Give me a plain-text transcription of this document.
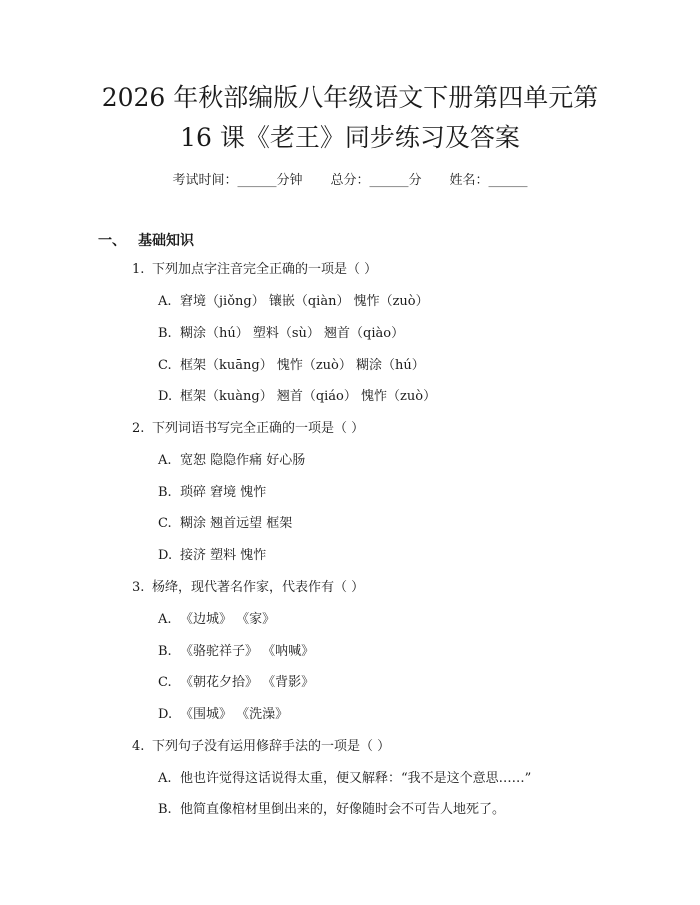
2026 年秋部编版八年级语文下册第四单元第
16 课《老王》同步练习及答案
考试时间：______分钟 总分：______分 姓名：______
一、 基础知识
1. 下列加点字注音完全正确的一项是（ ）
A. 窘境（jiǒng） 镶嵌（qiàn） 愧怍（zuò）
B. 糊涂（hú） 塑料（sù） 翘首（qiào）
C. 框架（kuāng） 愧怍（zuò） 糊涂（hú）
D. 框架（kuàng） 翘首（qiáo） 愧怍（zuò）
2. 下列词语书写完全正确的一项是（ ）
A. 宽恕 隐隐作痛 好心肠
B. 琐碎 窘境 愧怍
C. 糊涂 翘首远望 框架
D. 接济 塑料 愧怍
3. 杨绛，现代著名作家，代表作有（ ）
A. 《边城》 《家》
B. 《骆驼祥子》 《呐喊》
C. 《朝花夕拾》 《背影》
D. 《围城》 《洗澡》
4. 下列句子没有运用修辞手法的一项是（ ）
A. 他也许觉得这话说得太重，便又解释：“我不是这个意思……”
B. 他简直像棺材里倒出来的，好像随时会不可告人地死了。
